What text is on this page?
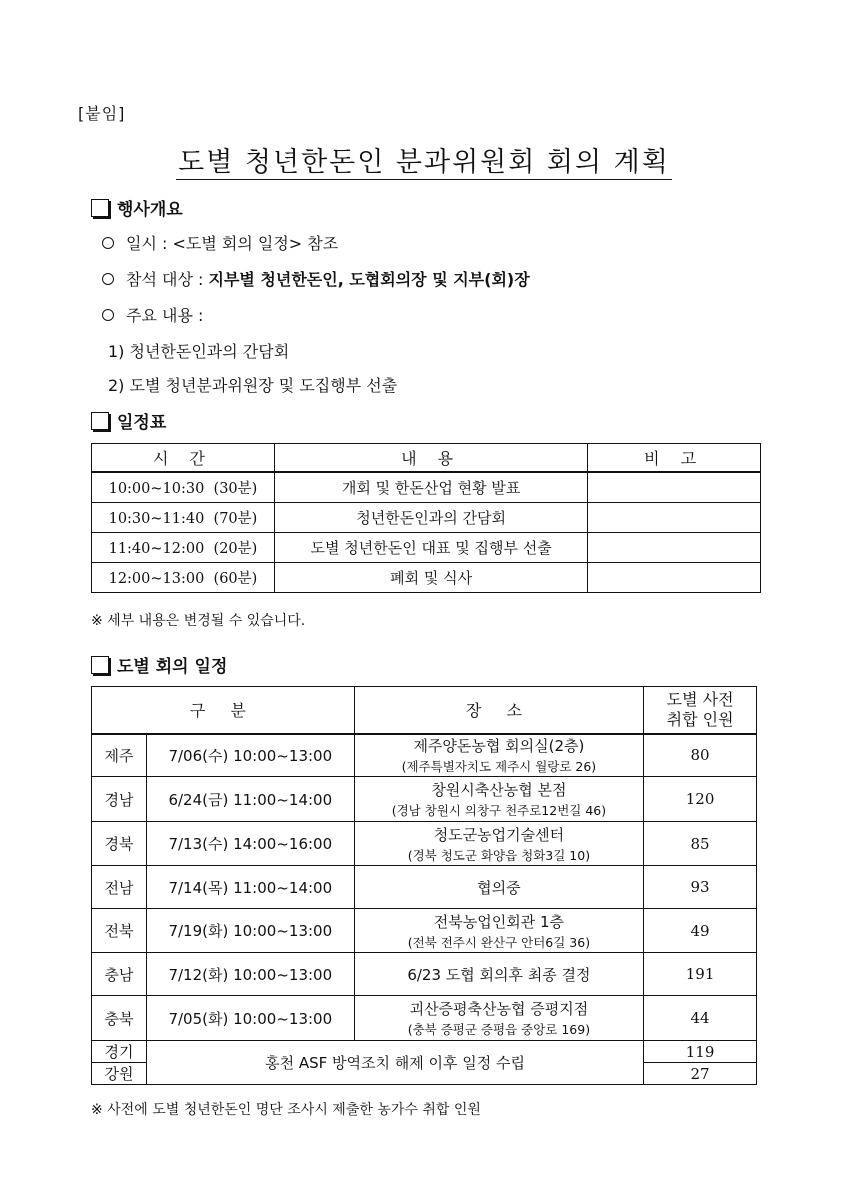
[붙임]
도별 청년한돈인 분과위원회 회의 계획
행사개요
일시 : <도별 회의 일정> 참조
참석 대상 : 지부별 청년한돈인, 도협회의장 및 지부(회)장
주요 내용 :
1) 청년한돈인과의 간담회
2) 도별 청년분과위원장 및 도집행부 선출
일정표
시 간	내 용	비 고
10:00~10:30  (30분)	개회 및 한돈산업 현황 발표	
10:30~11:40  (70분)	청년한돈인과의 간담회	
11:40~12:00  (20분)	도별 청년한돈인 대표 및 집행부 선출	
12:00~13:00  (60분)	폐회 및 식사	
※ 세부 내용은 변경될 수 있습니다.
도별 회의 일정
구 분		장 소	도별 사전
취합 인원
제주	7/06(수) 10:00~13:00	제주양돈농협 회의실(2층)
(제주특별자치도 제주시 월랑로 26)	80
경남	6/24(금) 11:00~14:00	창원시축산농협 본점
(경남 창원시 의창구 천주로12번길 46)	120
경북	7/13(수) 14:00~16:00	청도군농업기술센터
(경북 청도군 화양읍 청화3길 10)	85
전남	7/14(목) 11:00~14:00	협의중	93
전북	7/19(화) 10:00~13:00	전북농업인회관 1층
(전북 전주시 완산구 안터6길 36)	49
충남	7/12(화) 10:00~13:00	6/23 도협 회의후 최종 결정	191
충북	7/05(화) 10:00~13:00	괴산증평축산농협 증평지점
(충북 증평군 증평읍 중앙로 169)	44
경기	홍천 ASF 방역조치 해제 이후 일정 수립		119
강원			27
※ 사전에 도별 청년한돈인 명단 조사시 제출한 농가수 취합 인원
